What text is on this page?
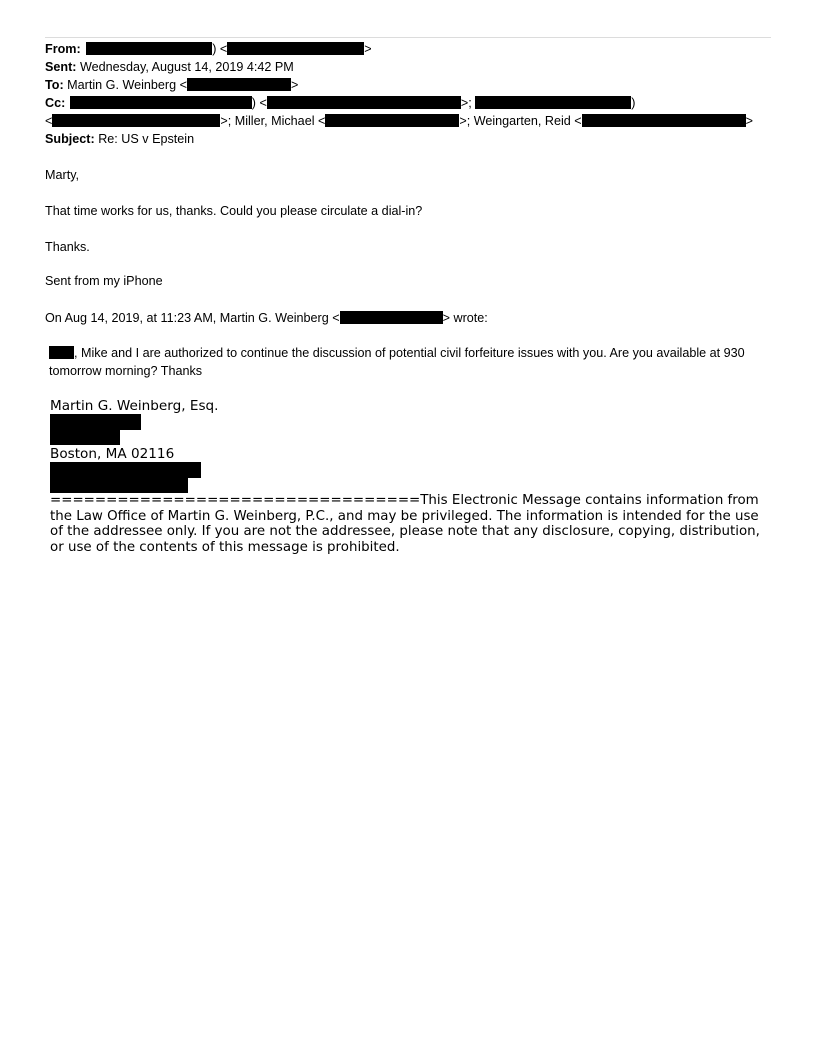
From:	) <	>
Sent: Wednesday, August 14, 2019 4:42 PM
To: Martin G. Weinberg <	>
Cc:	) <	>;	)
<	>; Miller, Michael <	>; Weingarten, Reid <	>
Subject: Re: US v Epstein
Marty,
That time works for us, thanks. Could you please circulate a dial-in?
Thanks.
Sent from my iPhone
On Aug 14, 2019, at 11:23 AM, Martin G. Weinberg <	> wrote:
, Mike and I are authorized to continue the discussion of potential civil forfeiture issues with you. Are you available at 930 tomorrow morning? Thanks
Martin G. Weinberg, Esq.
Boston, MA 02116
=================================This Electronic Message contains information from the Law Office of Martin G. Weinberg, P.C., and may be privileged. The information is intended for the use of the addressee only. If you are not the addressee, please note that any disclosure, copying, distribution, or use of the contents of this message is prohibited.
